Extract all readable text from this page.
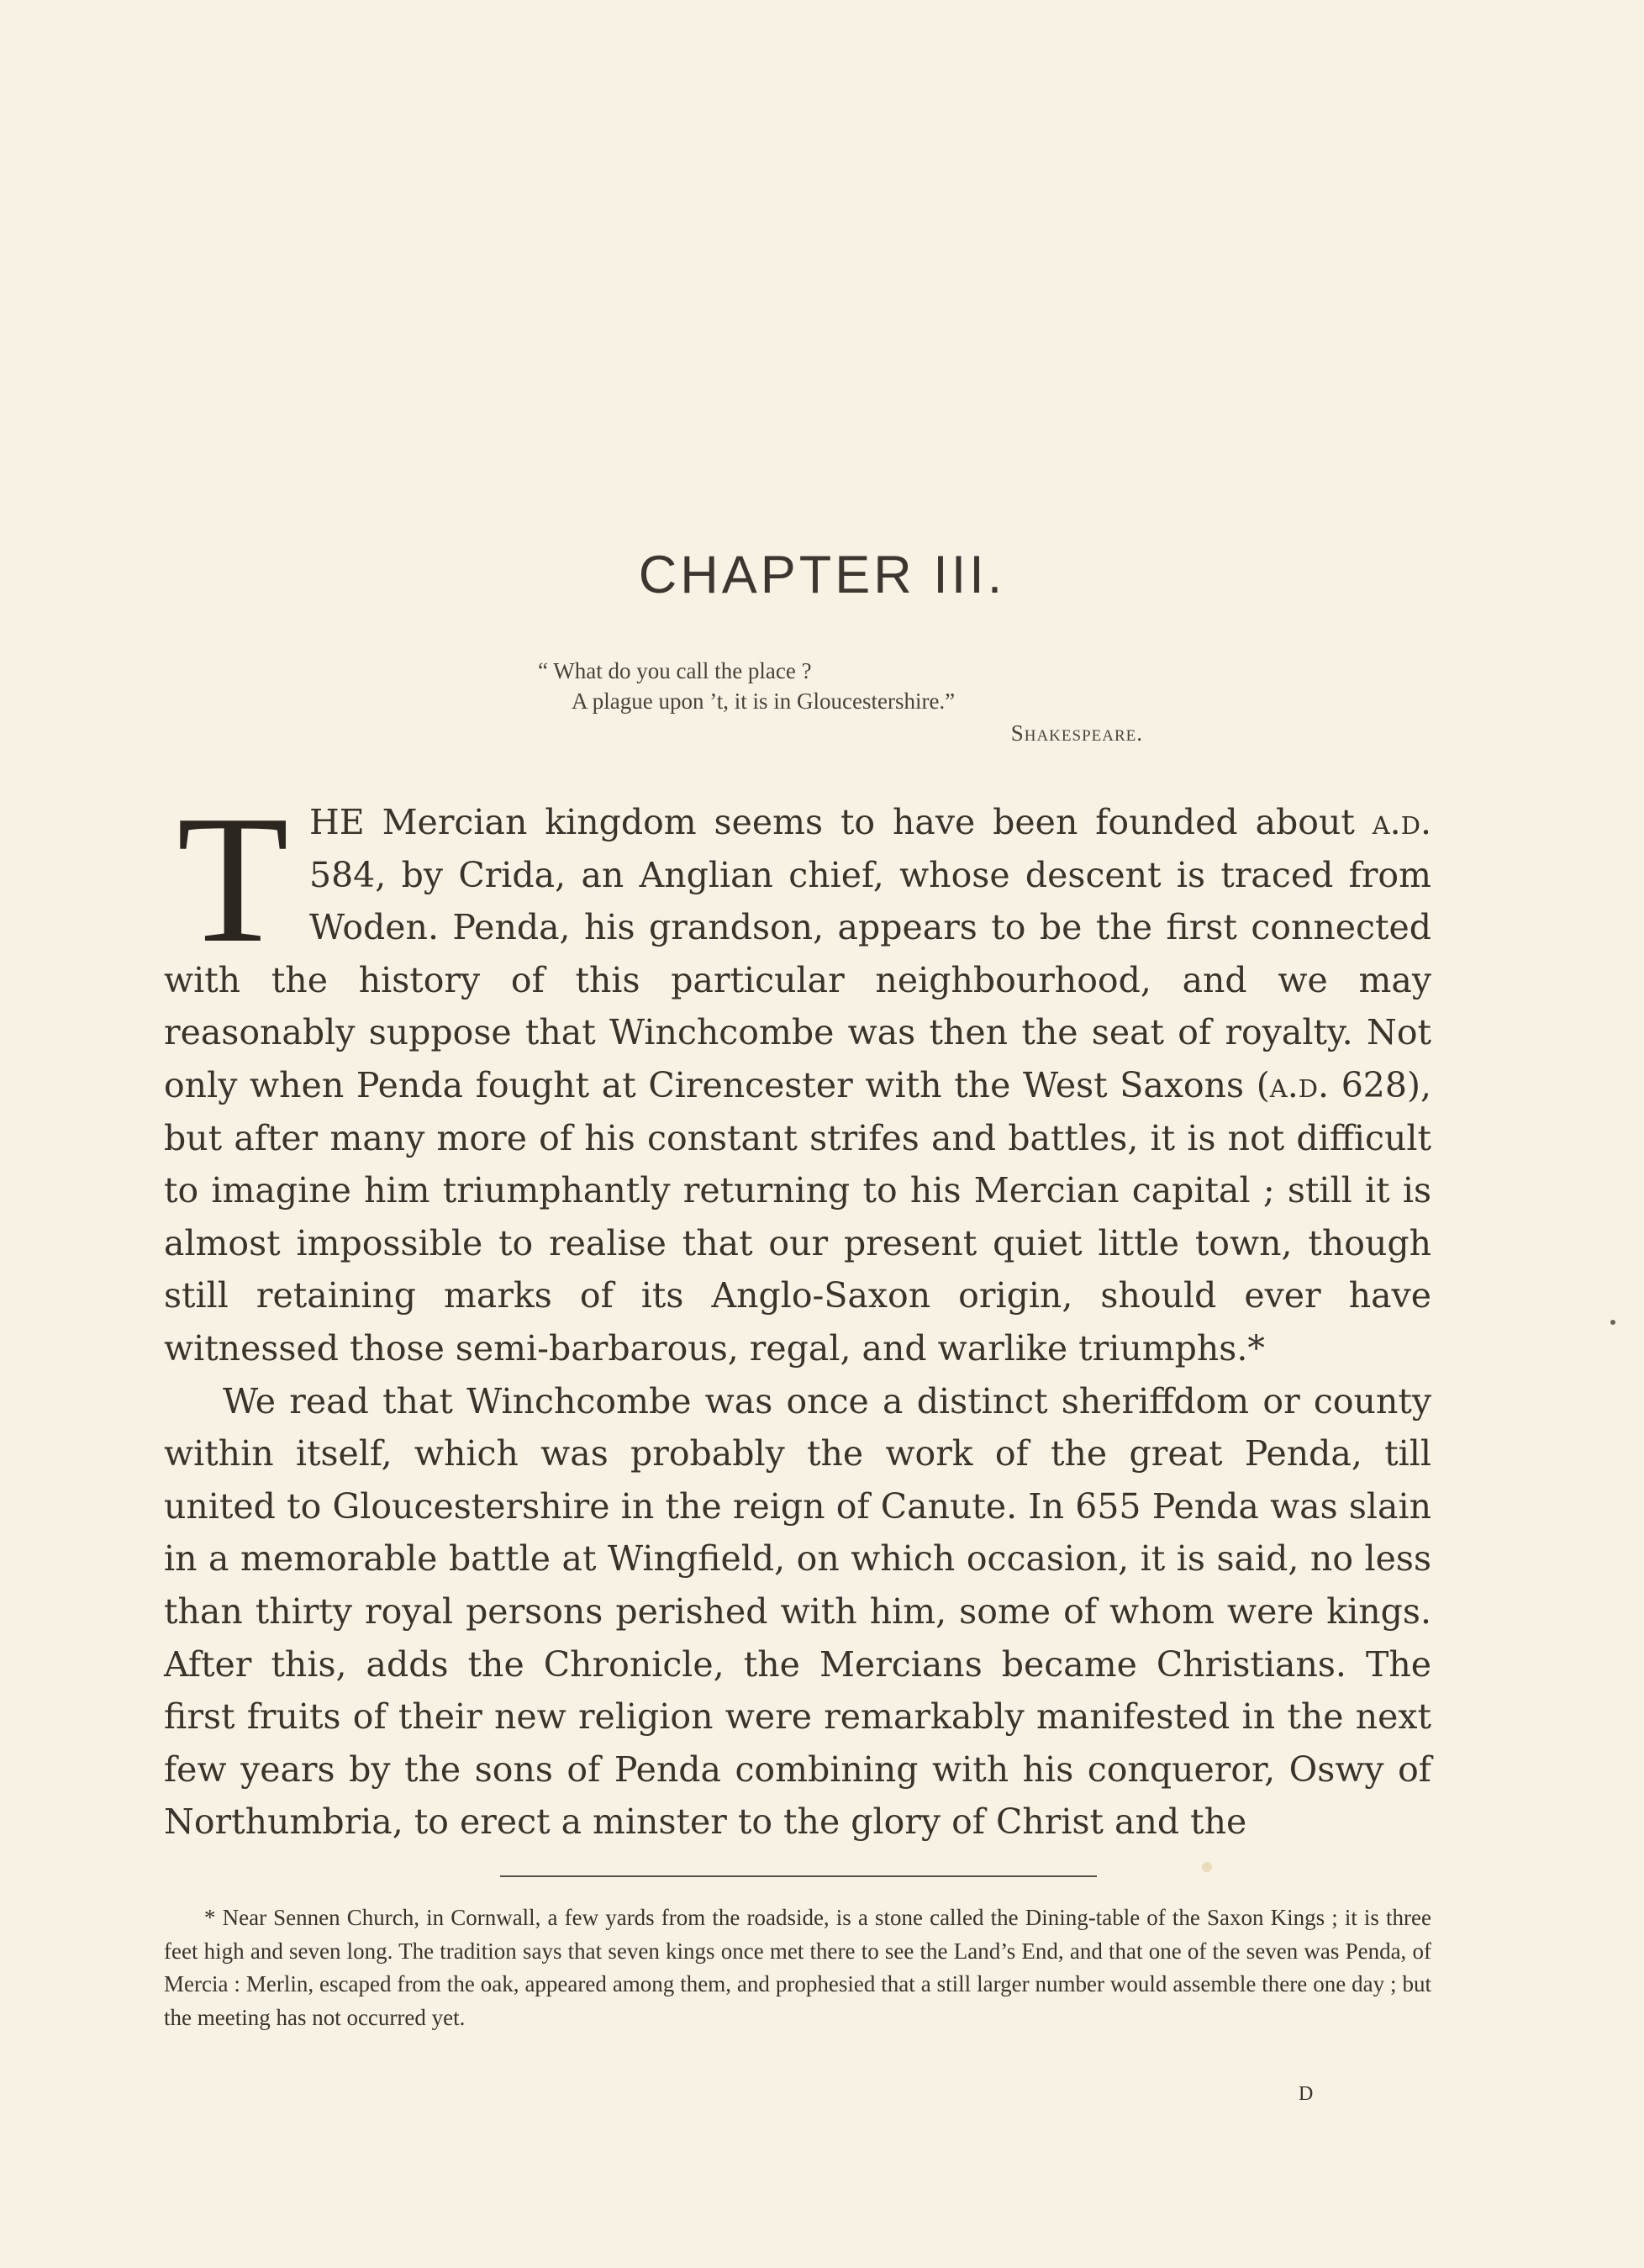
CHAPTER III.
“ What do you call the place ?
A plague upon ’t, it is in Gloucestershire.”
Shakespeare.

T HE Mercian kingdom seems to have been founded about a.d. 584, by Crida, an Anglian chief, whose descent is traced from Woden. Penda, his grandson, appears to be the first connected with the history of this particular neighbourhood, and we may reasonably suppose that Winchcombe was then the seat of royalty. Not only when Penda fought at Cirencester with the West Saxons (a.d. 628), but after many more of his constant strifes and battles, it is not difficult to imagine him triumphantly returning to his Mercian capital ; still it is almost impossible to realise that our present quiet little town, though still retaining marks of its Anglo-Saxon origin, should ever have witnessed those semi-barbarous, regal, and warlike triumphs.*

We read that Winchcombe was once a distinct sheriffdom or county within itself, which was probably the work of the great Penda, till united to Gloucestershire in the reign of Canute. In 655 Penda was slain in a memorable battle at Wingfield, on which occasion, it is said, no less than thirty royal persons perished with him, some of whom were kings. After this, adds the Chronicle, the Mercians became Christians. The first fruits of their new religion were remarkably manifested in the next few years by the sons of Penda combining with his conqueror, Oswy of Northumbria, to erect a minster to the glory of Christ and the

* Near Sennen Church, in Cornwall, a few yards from the roadside, is a stone called the Dining-table of the Saxon Kings ; it is three feet high and seven long. The tradition says that seven kings once met there to see the Land’s End, and that one of the seven was Penda, of Mercia : Merlin, escaped from the oak, appeared among them, and prophesied that a still larger number would assemble there one day ; but the meeting has not occurred yet.

D
